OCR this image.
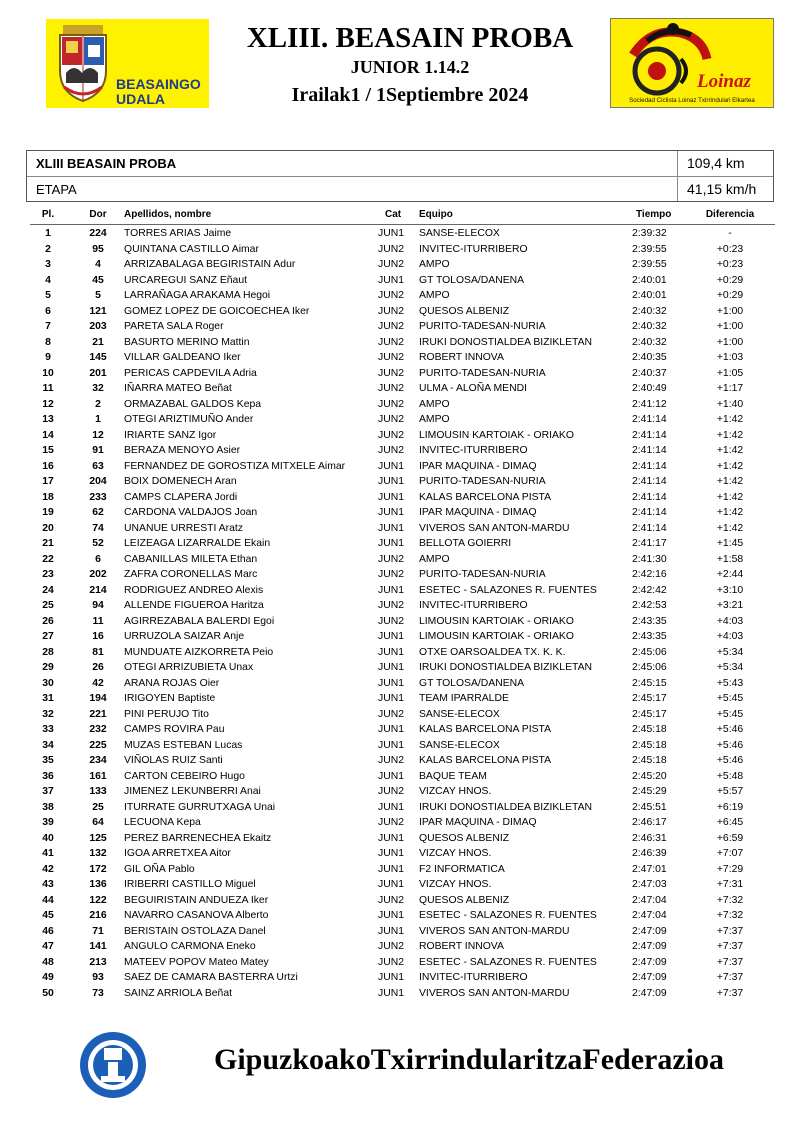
BEASAINGO
UDALA
XLIII. BEASAIN PROBA
JUNIOR 1.14.2
Irailak1 / 1Septiembre 2024
Loinaz
Sociedad Ciclista Loinaz Txirrindulari Elkartea
XLIII BEASAIN PROBA	109,4 km
ETAPA	41,15 km/h
Pl.	Dor	Apellidos, nombre	Cat Equipo	Tiempo	Diferencia
1	224	TORRES ARIAS Jaime	JUN1 SANSE-ELECOX	2:39:32	-
2	95	QUINTANA CASTILLO Aimar	JUN2 INVITEC-ITURRIBERO	2:39:55	+0:23
3	4	ARRIZABALAGA BEGIRISTAIN Adur	JUN2 AMPO	2:39:55	+0:23
4	45	URCAREGUI SANZ Eñaut	JUN1 GT TOLOSA/DANENA	2:40:01	+0:29
5	5	LARRAÑAGA ARAKAMA Hegoi	JUN2 AMPO	2:40:01	+0:29
6	121	GOMEZ LOPEZ DE GOICOECHEA Iker	JUN2 QUESOS ALBENIZ	2:40:32	+1:00
7	203	PARETA SALA Roger	JUN2 PURITO-TADESAN-NURIA	2:40:32	+1:00
8	21	BASURTO MERINO Mattin	JUN2 IRUKI DONOSTIALDEA BIZIKLETAN	2:40:32	+1:00
9	145	VILLAR GALDEANO Iker	JUN2 ROBERT INNOVA	2:40:35	+1:03
10	201	PERICAS CAPDEVILA Adria	JUN2 PURITO-TADESAN-NURIA	2:40:37	+1:05
11	32	IÑARRA MATEO Beñat	JUN2 ULMA - ALOÑA MENDI	2:40:49	+1:17
12	2	ORMAZABAL GALDOS Kepa	JUN2 AMPO	2:41:12	+1:40
13	1	OTEGI ARIZTIMUÑO Ander	JUN2 AMPO	2:41:14	+1:42
14	12	IRIARTE SANZ Igor	JUN2 LIMOUSIN KARTOIAK - ORIAKO	2:41:14	+1:42
15	91	BERAZA MENOYO Asier	JUN2 INVITEC-ITURRIBERO	2:41:14	+1:42
16	63	FERNANDEZ DE GOROSTIZA MITXELE Aimar	JUN1 IPAR MAQUINA - DIMAQ	2:41:14	+1:42
17	204	BOIX DOMENECH Aran	JUN1 PURITO-TADESAN-NURIA	2:41:14	+1:42
18	233	CAMPS CLAPERA Jordi	JUN1 KALAS BARCELONA PISTA	2:41:14	+1:42
19	62	CARDONA VALDAJOS Joan	JUN1 IPAR MAQUINA - DIMAQ	2:41:14	+1:42
20	74	UNANUE URRESTI Aratz	JUN1 VIVEROS SAN ANTON-MARDU	2:41:14	+1:42
21	52	LEIZEAGA LIZARRALDE Ekain	JUN1 BELLOTA GOIERRI	2:41:17	+1:45
22	6	CABANILLAS MILETA Ethan	JUN2 AMPO	2:41:30	+1:58
23	202	ZAFRA CORONELLAS Marc	JUN2 PURITO-TADESAN-NURIA	2:42:16	+2:44
24	214	RODRIGUEZ ANDREO Alexis	JUN1 ESETEC - SALAZONES R. FUENTES	2:42:42	+3:10
25	94	ALLENDE FIGUEROA Haritza	JUN2 INVITEC-ITURRIBERO	2:42:53	+3:21
26	11	AGIRREZABALA BALERDI Egoi	JUN2 LIMOUSIN KARTOIAK - ORIAKO	2:43:35	+4:03
27	16	URRUZOLA SAIZAR Anje	JUN1 LIMOUSIN KARTOIAK - ORIAKO	2:43:35	+4:03
28	81	MUNDUATE AIZKORRETA Peio	JUN1 OTXE OARSOALDEA TX. K. K.	2:45:06	+5:34
29	26	OTEGI ARRIZUBIETA Unax	JUN1 IRUKI DONOSTIALDEA BIZIKLETAN	2:45:06	+5:34
30	42	ARANA ROJAS Oier	JUN1 GT TOLOSA/DANENA	2:45:15	+5:43
31	194	IRIGOYEN Baptiste	JUN1 TEAM IPARRALDE	2:45:17	+5:45
32	221	PINI PERUJO Tito	JUN2 SANSE-ELECOX	2:45:17	+5:45
33	232	CAMPS ROVIRA Pau	JUN1 KALAS BARCELONA PISTA	2:45:18	+5:46
34	225	MUZAS ESTEBAN Lucas	JUN1 SANSE-ELECOX	2:45:18	+5:46
35	234	VIÑOLAS RUIZ Santi	JUN2 KALAS BARCELONA PISTA	2:45:18	+5:46
36	161	CARTON CEBEIRO Hugo	JUN1 BAQUE TEAM	2:45:20	+5:48
37	133	JIMENEZ LEKUNBERRI Anai	JUN2 VIZCAY HNOS.	2:45:29	+5:57
38	25	ITURRATE GURRUTXAGA Unai	JUN1 IRUKI DONOSTIALDEA BIZIKLETAN	2:45:51	+6:19
39	64	LECUONA Kepa	JUN2 IPAR MAQUINA - DIMAQ	2:46:17	+6:45
40	125	PEREZ BARRENECHEA Ekaitz	JUN1 QUESOS ALBENIZ	2:46:31	+6:59
41	132	IGOA ARRETXEA Aitor	JUN1 VIZCAY HNOS.	2:46:39	+7:07
42	172	GIL OÑA Pablo	JUN1 F2 INFORMATICA	2:47:01	+7:29
43	136	IRIBERRI CASTILLO Miguel	JUN1 VIZCAY HNOS.	2:47:03	+7:31
44	122	BEGUIRISTAIN ANDUEZA Iker	JUN2 QUESOS ALBENIZ	2:47:04	+7:32
45	216	NAVARRO CASANOVA Alberto	JUN1 ESETEC - SALAZONES R. FUENTES	2:47:04	+7:32
46	71	BERISTAIN OSTOLAZA Danel	JUN1 VIVEROS SAN ANTON-MARDU	2:47:09	+7:37
47	141	ANGULO CARMONA Eneko	JUN2 ROBERT INNOVA	2:47:09	+7:37
48	213	MATEEV POPOV Mateo Matey	JUN2 ESETEC - SALAZONES R. FUENTES	2:47:09	+7:37
49	93	SAEZ DE CAMARA BASTERRA Urtzi	JUN1 INVITEC-ITURRIBERO	2:47:09	+7:37
50	73	SAINZ ARRIOLA Beñat	JUN1 VIVEROS SAN ANTON-MARDU	2:47:09	+7:37
GipuzkoakoTxirrindularitzaFederazioa
